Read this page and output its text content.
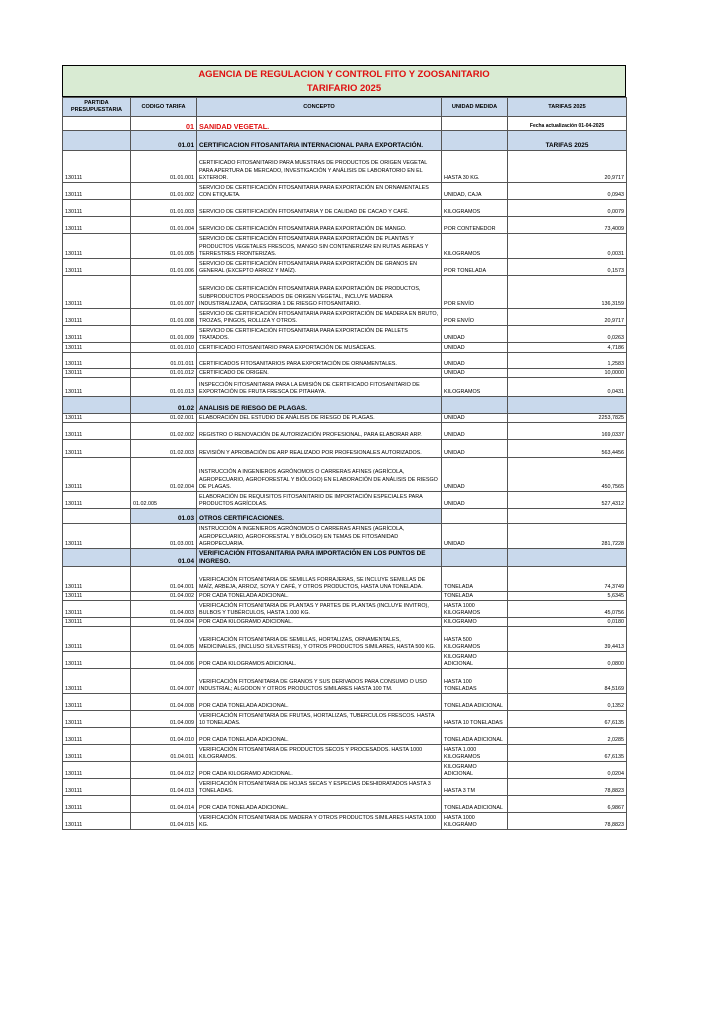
AGENCIA DE REGULACION Y CONTROL FITO Y ZOOSANITARIO
TARIFARIO 2025
PARTIDA PRESUPUESTARIA	CODIGO TARIFA	CONCEPTO	UNIDAD MEDIDA	TARIFAS 2025
	01	SANIDAD VEGETAL.		Fecha actualización 01-04-2025
	01.01	CERTIFICACION FITOSANITARIA INTERNACIONAL PARA EXPORTACIÓN.		TARIFAS 2025
130111	01.01.001	CERTIFICADO FITOSANITARIO PARA MUESTRAS DE PRODUCTOS DE ORIGEN VEGETAL PARA APERTURA DE MERCADO, INVESTIGACIÓN Y ANÁLISIS DE LABORATORIO EN EL EXTERIOR.	HASTA 30 KG.	20,9717
130111	01.01.002	SERVICIO DE CERTIFICACIÓN FITOSANITARIA PARA EXPORTACIÓN EN ORNAMENTALES CON ETIQUETA.	UNIDAD, CAJA	0,0943
130111	01.01.003	SERVICIO DE CERTIFICACIÓN FITOSANITARIA Y DE CALIDAD DE CACAO Y CAFÉ.	KILOGRAMOS	0,0079
130111	01.01.004	SERVICIO DE CERTIFICACIÓN FITOSANITARIA PARA EXPORTACIÓN DE MANGO.	POR CONTENEDOR	73,4009
130111	01.01.005	SERVICIO DE CERTIFICACIÓN FITOSANITARIA PARA EXPORTACIÓN DE PLANTAS Y PRODUCTOS VEGETALES FRESCOS, MANGO SIN CONTENERIZAR EN RUTAS AEREAS Y TERRESTRES FRONTERIZAS.	KILOGRAMOS	0,0031
130111	01.01.006	SERVICIO DE CERTIFICACIÓN FITOSANITARIA PARA EXPORTACIÓN DE GRANOS EN GENERAL (EXCEPTO ARROZ Y MAÍZ).	POR TONELADA	0,1573
130111	01.01.007	SERVICIO DE CERTIFICACIÓN FITOSANITARIA PARA EXPORTACIÓN DE PRODUCTOS, SUBPRODUCTOS PROCESADOS DE ORIGEN VEGETAL, INCLUYE MADERA INDUSTRIALIZADA, CATEGORIA 1 DE RIESGO FITOSANITARIO.	POR ENVÍO	136,3159
130111	01.01.008	SERVICIO DE CERTIFICACIÓN FITOSANITARIA PARA EXPORTACIÓN DE MADERA EN BRUTO, TROZAS, PINGOS, ROLLIZA Y OTROS.	POR ENVÍO	20,9717
130111	01.01.009	SERVICIO DE CERTIFICACIÓN FITOSANITARIA PARA EXPORTACIÓN DE PALLETS TRATADOS.	UNIDAD	0,0263
130111	01.01.010	CERTIFICADO FITOSANITARIO PARA EXPORTACIÓN DE MUSÁCEAS.	UNIDAD	4,7186
130111	01.01.011	CERTIFICADOS FITOSANITARIOS PARA EXPORTACIÓN DE ORNAMENTALES.	UNIDAD	1,2583
130111	01.01.012	CERTIFICADO DE ORIGEN.	UNIDAD	10,0000
130111	01.01.013	INSPECCIÓN FITOSANITARIA PARA LA EMISIÓN DE CERTIFICADO FITOSANITARIO DE EXPORTACIÓN DE FRUTA FRESCA DE PITAHAYA.	KILOGRAMOS	0,0431
	01.02	ANALISIS DE RIESGO DE PLAGAS.		
130111	01.02.001	ELABORACIÓN DEL ESTUDIO DE ANÁLISIS DE RIESGO DE PLAGAS.	UNIDAD	2253,7825
130111	01.02.002	REGISTRO O RENOVACIÓN DE AUTORIZACIÓN PROFESIONAL, PARA ELABORAR ARP.	UNIDAD	169,0337
130111	01.02.003	REVISIÓN Y APROBACIÓN DE ARP REALIZADO POR PROFESIONALES AUTORIZADOS.	UNIDAD	563,4456
130111	01.02.004	INSTRUCCIÓN A INGENIEROS AGRÓNOMOS O CARRERAS AFINES (AGRÍCOLA, AGROPECUARIO, AGROFORESTAL Y BIÓLOGO) EN ELABORACIÓN DE ANÁLISIS DE RIESGO DE PLAGAS.	UNIDAD	450,7565
130111	01.02.005	ELABORACIÓN DE REQUISITOS FITOSANITARIO DE IMPORTACIÓN ESPECIALES PARA PRODUCTOS AGRÍCOLAS.	UNIDAD	527,4312
	01.03	OTROS CERTIFICACIONES.		
130111	01.03.001	INSTRUCCIÓN A INGENIEROS AGRÓNOMOS O CARRERAS AFINES (AGRÍCOLA, AGROPECUARIO, AGROFORESTAL Y BIÓLOGO) EN TEMAS DE FITOSANIDAD AGROPECUARIA.	UNIDAD	281,7228
	01.04	VERIFICACIÓN FITOSANITARIA PARA IMPORTACIÓN EN LOS PUNTOS DE INGRESO.		
130111	01.04.001	VERIFICACIÓN FITOSANITARIA DE SEMILLAS FORRAJERAS, SE INCLUYE SEMILLAS DE MAÍZ, ARBEJA, ARROZ, SOYA Y CAFÉ, Y OTROS PRODUCTOS, HASTA UNA TONELADA.	TONELADA	74,3749
130111	01.04.002	POR CADA TONELADA ADICIONAL.	TONELADA	5,6345
130111	01.04.003	VERIFICACIÓN FITOSANITARIA DE PLANTAS Y PARTES DE PLANTAS (INCLUYE INVITRO), BULBOS Y TUBÉRCULOS, HASTA 1.000 KG.	HASTA 1000 KILOGRAMOS	45,0756
130111	01.04.004	POR CADA KILOGRAMO ADICIONAL.	KILOGRAMO	0,0180
130111	01.04.005	VERIFICACIÓN FITOSANITARIA DE SEMILLAS, HORTALIZAS, ORNAMENTALES, MEDICINALES, (INCLUSO SILVESTRES), Y OTROS PRODUCTOS SIMILARES, HASTA 500 KG.	HASTA 500 KILOGRAMOS	39,4413
130111	01.04.006	POR CADA KILOGRAMOS ADICIONAL.	KILOGRAMO ADICIONAL	0,0800
130111	01.04.007	VERIFICACIÓN FITOSANITARIA DE GRANOS Y SUS DERIVADOS PARA CONSUMO O USO INDUSTRIAL; ALGODON Y OTROS PRODUCTOS SIMILARES HASTA 100 TM.	HASTA 100 TONELADAS	84,5169
130111	01.04.008	POR CADA TONELADA ADICIONAL.	TONELADA ADICIONAL	0,1352
130111	01.04.009	VERIFICACIÓN FITOSANITARIA DE FRUTAS, HORTALIZAS, TUBERCULOS FRESCOS. HASTA 10 TONELADAS.	HASTA 10 TONELADAS	67,6135
130111	01.04.010	POR CADA TONELADA ADICIONAL.	TONELADA ADICIONAL	2,0285
130111	01.04.011	VERIFICACIÓN FITOSANITARIA DE PRODUCTOS SECOS Y PROCESADOS. HASTA 1000 KILOGRAMOS.	HASTA 1.000 KILOGRAMOS	67,6135
130111	01.04.012	POR CADA KILOGRAMO ADICIONAL.	KILOGRAMO ADICIONAL	0,0204
130111	01.04.013	VERIFICACIÓN FITOSANITARIA DE HOJAS SECAS Y ESPECIAS DESHIDRATADOS HASTA 3 TONELADAS.	HASTA 3 TM	78,8823
130111	01.04.014	POR CADA TONELADA ADICIONAL.	TONELADA ADICIONAL	6,9867
130111	01.04.015	VERIFICACIÓN FITOSANITARIA DE MADERA Y OTROS PRODUCTOS SIMILARES HASTA 1000 KG.	HASTA 1000 KILOGRÁMO	78,8823
